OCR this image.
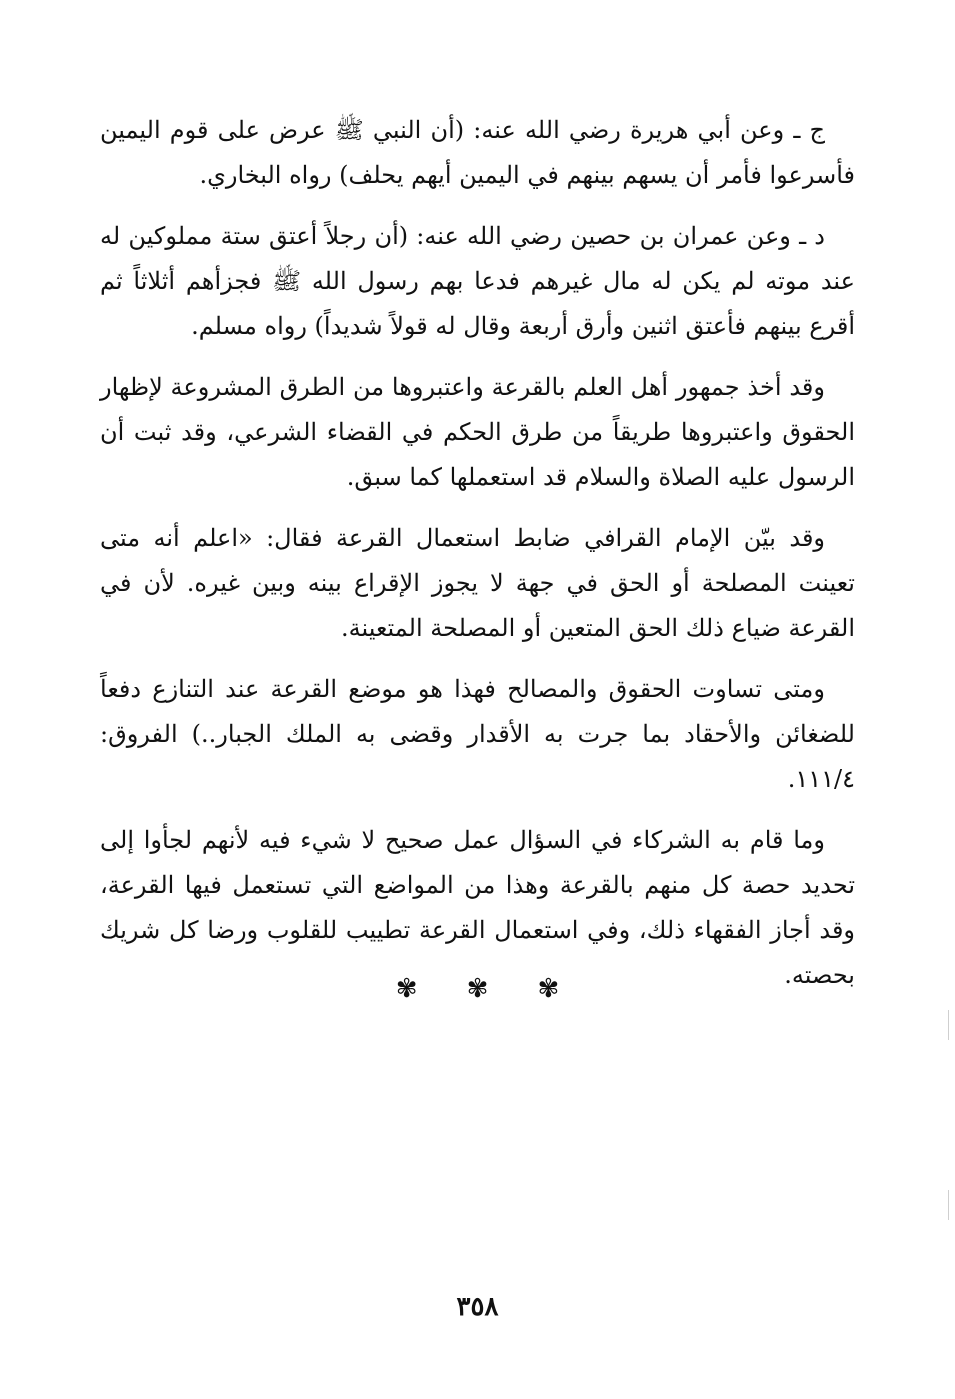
ج ـ وعن أبي هريرة رضي الله عنه: (أن النبي ﷺ عرض على قوم اليمين فأسرعوا فأمر أن يسهم بينهم في اليمين أيهم يحلف) رواه البخاري.

د ـ وعن عمران بن حصين رضي الله عنه: (أن رجلاً أعتق ستة مملوكين له عند موته لم يكن له مال غيرهم فدعا بهم رسول الله ﷺ فجزأهم أثلاثاً ثم أقرع بينهم فأعتق اثنين وأرق أربعة وقال له قولاً شديداً) رواه مسلم.

وقد أخذ جمهور أهل العلم بالقرعة واعتبروها من الطرق المشروعة لإظهار الحقوق واعتبروها طريقاً من طرق الحكم في القضاء الشرعي، وقد ثبت أن الرسول عليه الصلاة والسلام قد استعملها كما سبق.

وقد بيّن الإمام القرافي ضابط استعمال القرعة فقال: «اعلم أنه متى تعينت المصلحة أو الحق في جهة لا يجوز الإقراع بينه وبين غيره. لأن في القرعة ضياع ذلك الحق المتعين أو المصلحة المتعينة.

ومتى تساوت الحقوق والمصالح فهذا هو موضع القرعة عند التنازع دفعاً للضغائن والأحقاد بما جرت به الأقدار وقضى به الملك الجبار..) الفروق: ١١١/٤.

وما قام به الشركاء في السؤال عمل صحيح لا شيء فيه لأنهم لجأوا إلى تحديد حصة كل منهم بالقرعة وهذا من المواضع التي تستعمل فيها القرعة، وقد أجاز الفقهاء ذلك، وفي استعمال القرعة تطييب للقلوب ورضا كل شريك بحصته.

✾ ✾ ✾
٣٥٨
